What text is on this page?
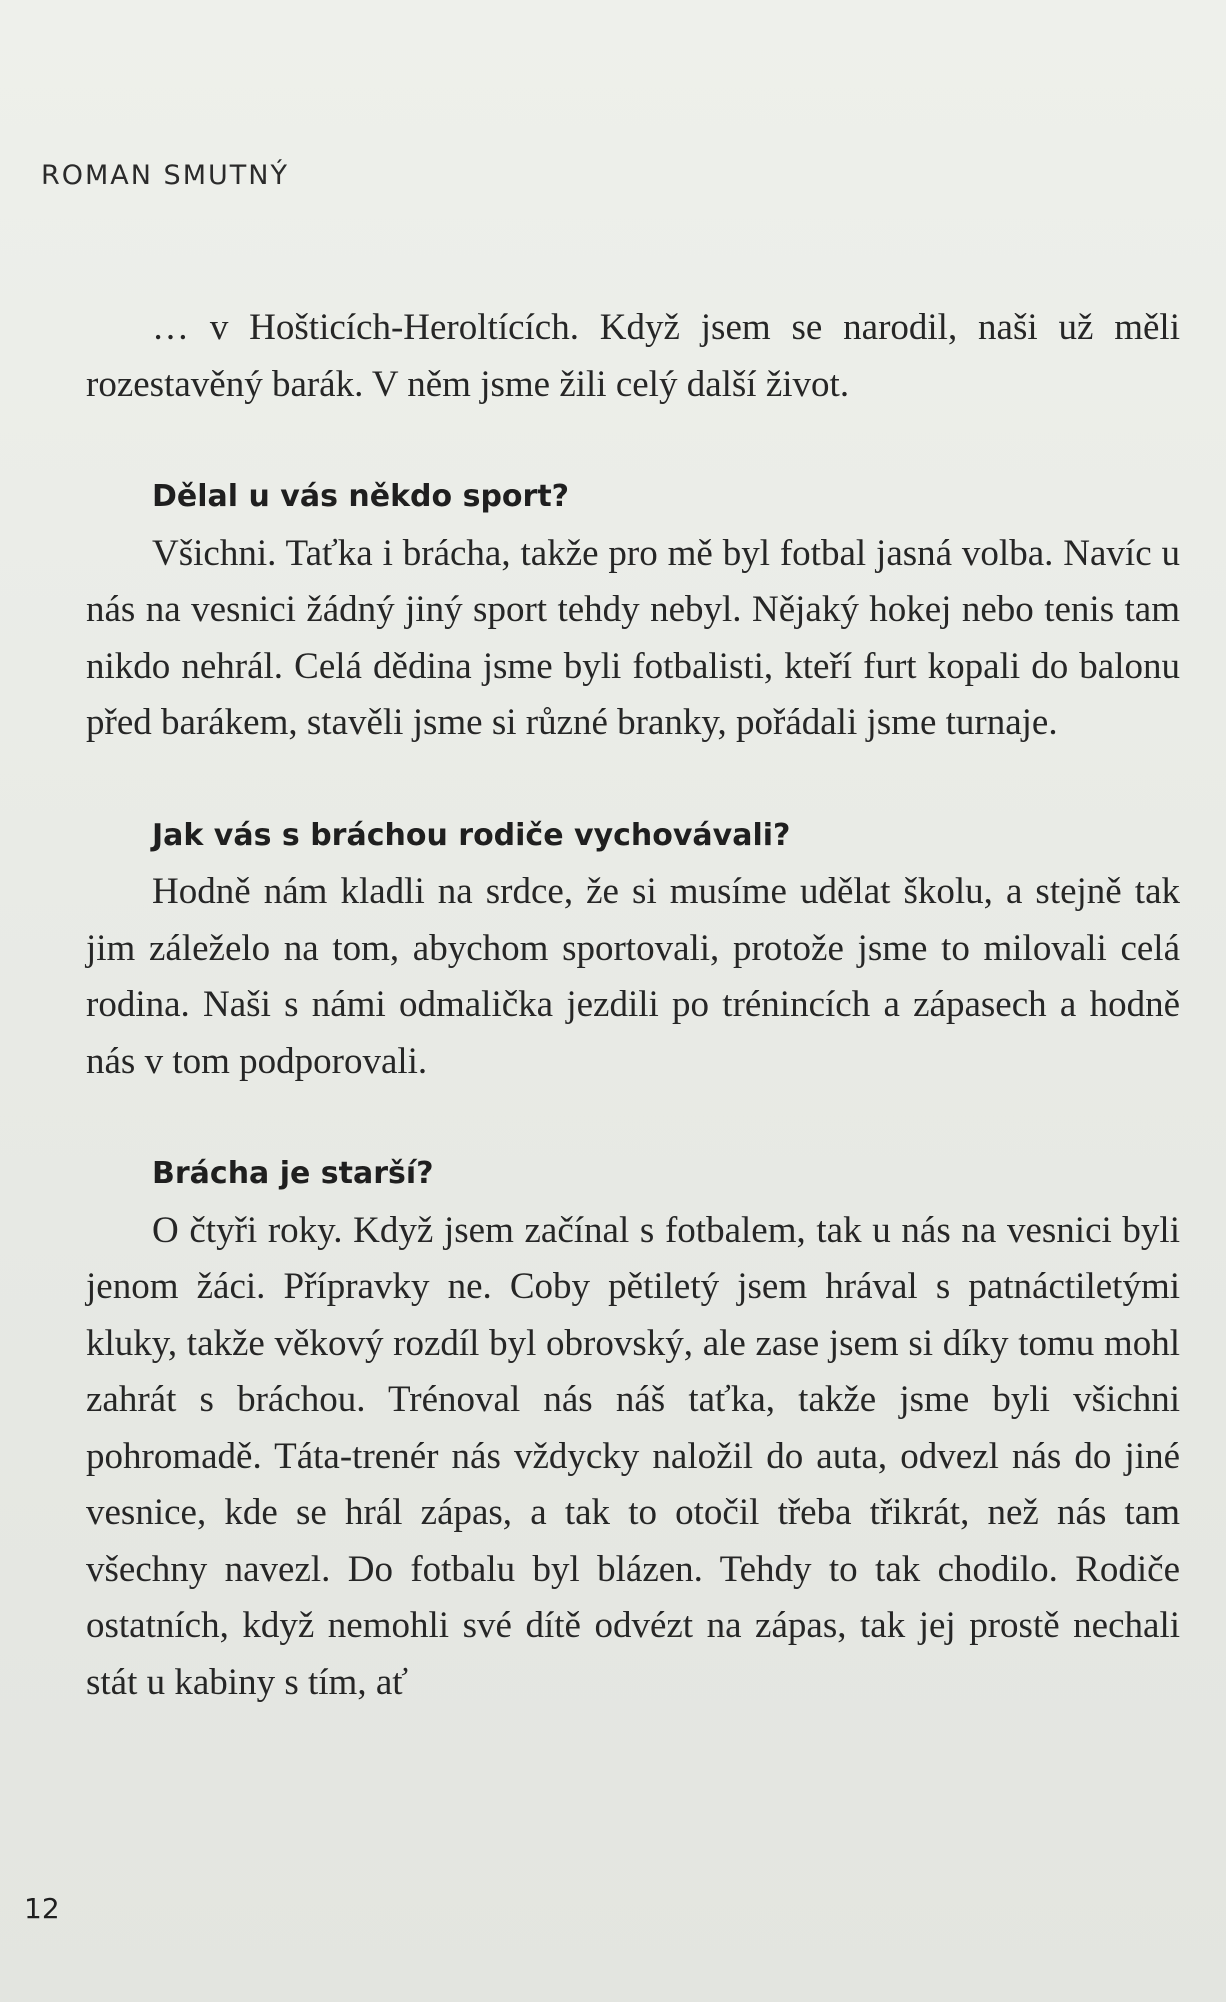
ROMAN SMUTNÝ

… v Hošticích-Heroltících. Když jsem se narodil, naši už měli rozestavěný barák. V něm jsme žili celý další život.

Dělal u vás někdo sport?

Všichni. Taťka i brácha, takže pro mě byl fotbal jasná volba. Navíc u nás na vesnici žádný jiný sport tehdy nebyl. Nějaký hokej nebo tenis tam nikdo nehrál. Celá dědina jsme byli fotbalisti, kteří furt kopali do balonu před barákem, stavěli jsme si různé branky, pořádali jsme turnaje.

Jak vás s bráchou rodiče vychovávali?

Hodně nám kladli na srdce, že si musíme udělat školu, a stejně tak jim záleželo na tom, abychom sportovali, protože jsme to milovali celá rodina. Naši s námi odmalička jezdili po trénincích a zápasech a hodně nás v tom podporovali.

Brácha je starší?

O čtyři roky. Když jsem začínal s fotbalem, tak u nás na vesnici byli jenom žáci. Přípravky ne. Coby pětiletý jsem hrával s patnáctiletými kluky, takže věkový rozdíl byl obrovský, ale zase jsem si díky tomu mohl zahrát s bráchou. Trénoval nás náš taťka, takže jsme byli všichni pohromadě. Táta-trenér nás vždycky naložil do auta, odvezl nás do jiné vesnice, kde se hrál zápas, a tak to otočil třeba třikrát, než nás tam všechny navezl. Do fotbalu byl blázen. Tehdy to tak chodilo. Rodiče ostatních, když nemohli své dítě odvézt na zápas, tak jej prostě nechali stát u kabiny s tím, ať

12
